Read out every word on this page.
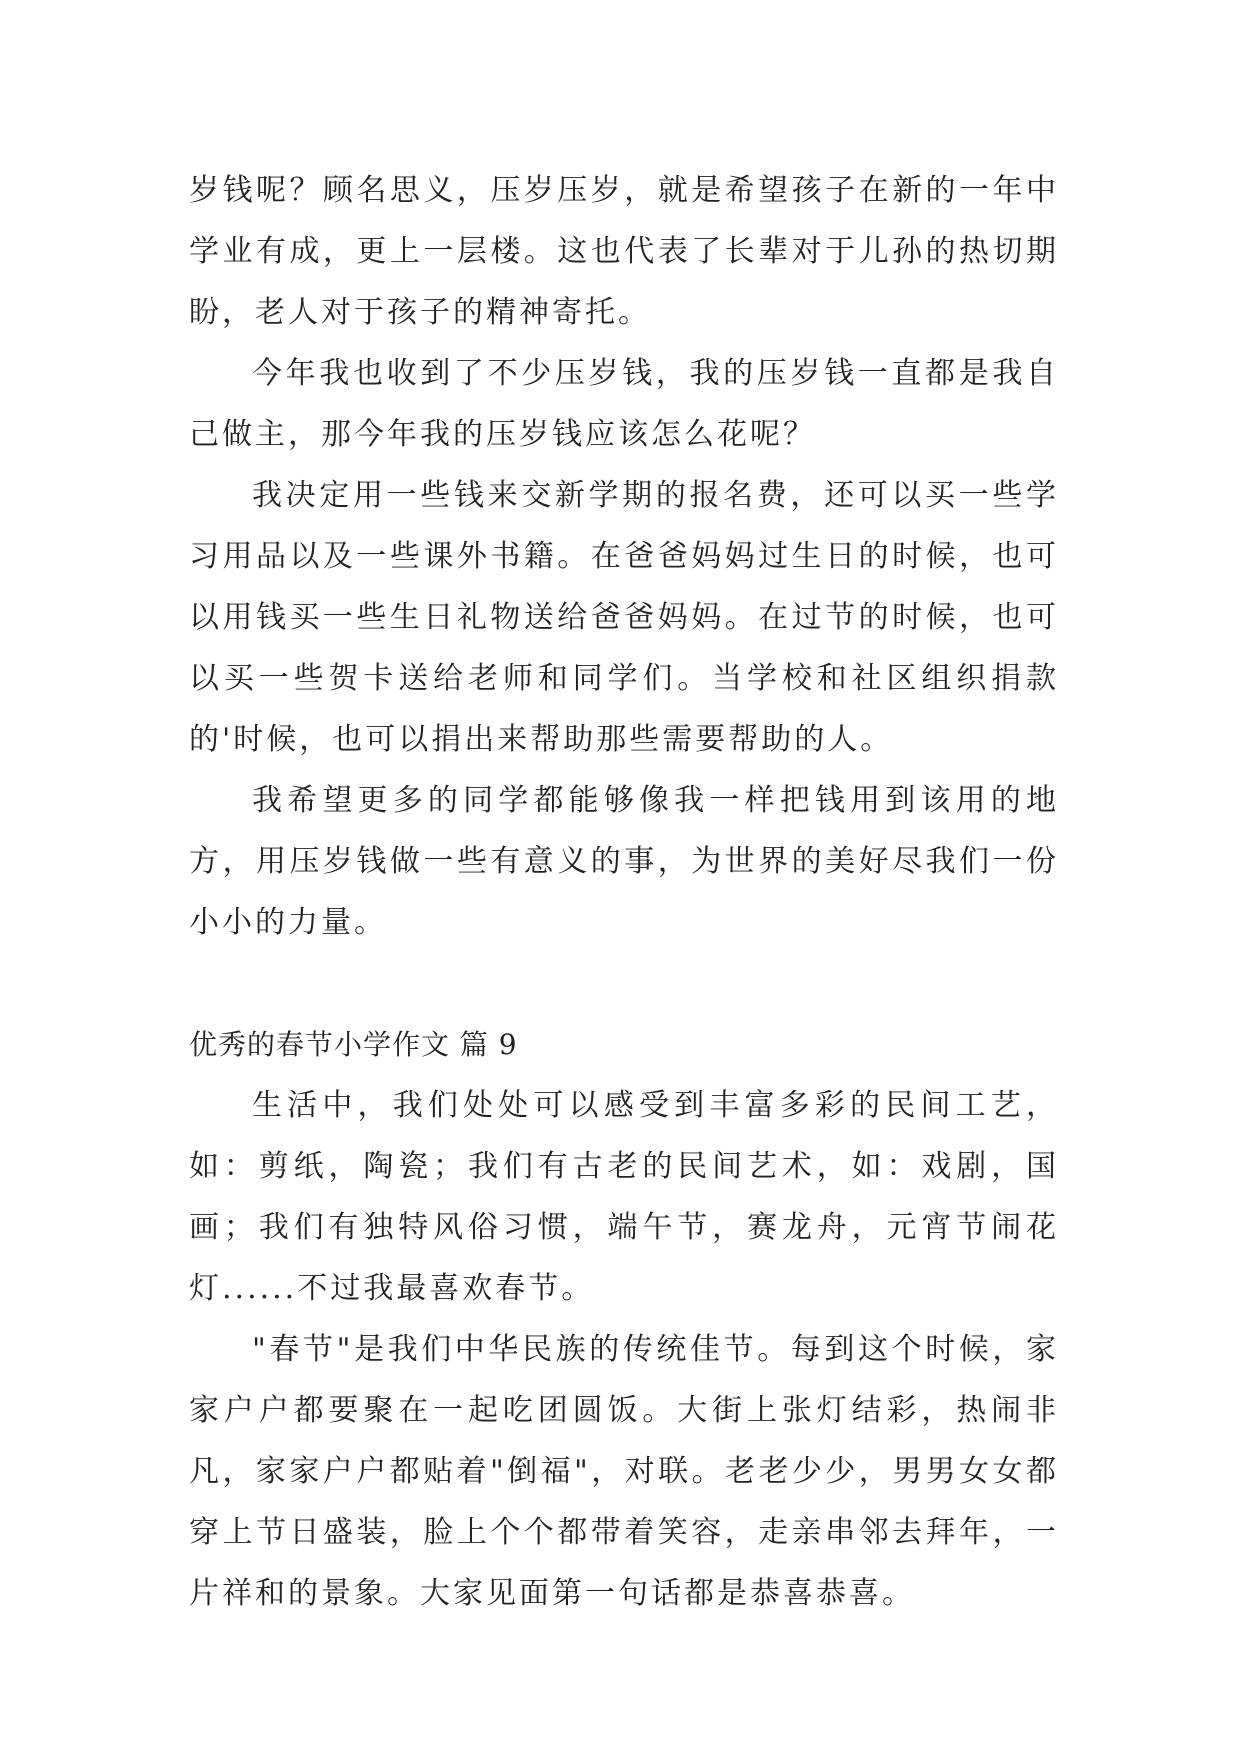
岁钱呢？顾名思义，压岁压岁，就是希望孩子在新的一年中学业有成，更上一层楼。这也代表了长辈对于儿孙的热切期盼，老人对于孩子的精神寄托。

今年我也收到了不少压岁钱，我的压岁钱一直都是我自己做主，那今年我的压岁钱应该怎么花呢？

我决定用一些钱来交新学期的报名费，还可以买一些学习用品以及一些课外书籍。在爸爸妈妈过生日的时候，也可以用钱买一些生日礼物送给爸爸妈妈。在过节的时候，也可以买一些贺卡送给老师和同学们。当学校和社区组织捐款的'时候，也可以捐出来帮助那些需要帮助的人。

我希望更多的同学都能够像我一样把钱用到该用的地方，用压岁钱做一些有意义的事，为世界的美好尽我们一份小小的力量。

优秀的春节小学作文 篇 9

生活中，我们处处可以感受到丰富多彩的民间工艺，如：剪纸，陶瓷；我们有古老的民间艺术，如：戏剧，国画；我们有独特风俗习惯，端午节，赛龙舟，元宵节闹花灯......不过我最喜欢春节。

"春节"是我们中华民族的传统佳节。每到这个时候，家家户户都要聚在一起吃团圆饭。大街上张灯结彩，热闹非凡，家家户户都贴着"倒福"，对联。老老少少，男男女女都穿上节日盛装，脸上个个都带着笑容，走亲串邻去拜年，一片祥和的景象。大家见面第一句话都是恭喜恭喜。
